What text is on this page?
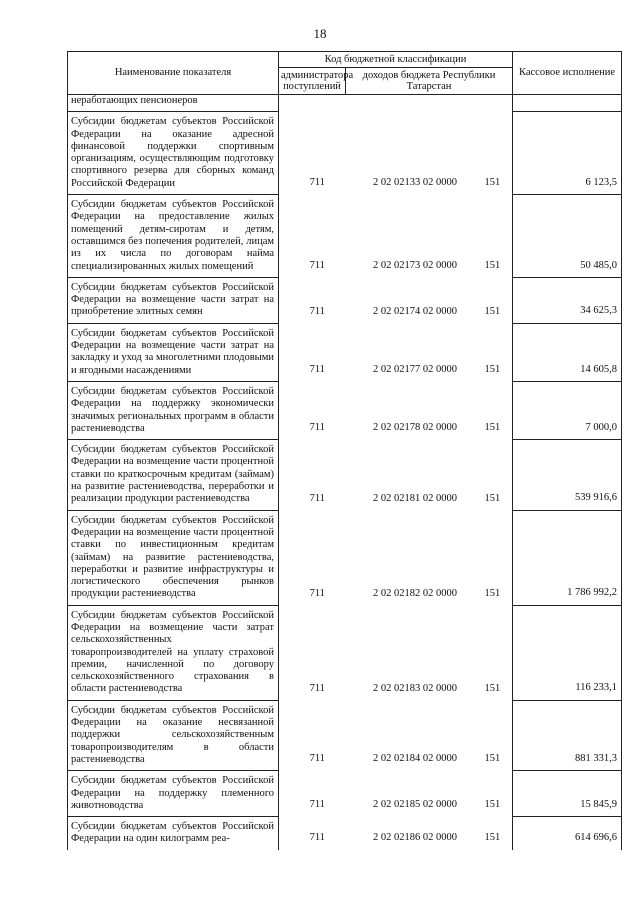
18
Наименование показателя	Код бюджетной классификации			Кассовое исполнение
	администратора поступлений	доходов бюджета Республики Татарстан		
неработающих пенсионеров				
Субсидии бюджетам субъектов Российской Федерации на оказание адресной финансовой поддержки спортивным организациям, осуществляющим подготовку спортивного резерва для сборных команд Российской Федерации	711	2 02 02133 02 0000	151	6 123,5
Субсидии бюджетам субъектов Российской Федерации на предоставление жилых помещений детям-сиротам и детям, оставшимся без попечения родителей, лицам из их числа по договорам найма специализированных жилых помещений	711	2 02 02173 02 0000	151	50 485,0
Субсидии бюджетам субъектов Российской Федерации на возмещение части затрат на приобретение элитных семян	711	2 02 02174 02 0000	151	34 625,3
Субсидии бюджетам субъектов Российской Федерации на возмещение части затрат на закладку и уход за многолетними плодовыми и ягодными насаждениями	711	2 02 02177 02 0000	151	14 605,8
Субсидии бюджетам субъектов Российской Федерации на поддержку экономически значимых региональных программ в области растениеводства	711	2 02 02178 02 0000	151	7 000,0
Субсидии бюджетам субъектов Российской Федерации на возмещение части процентной ставки по краткосрочным кредитам (займам) на развитие растениеводства, переработки и реализации продукции растениеводства	711	2 02 02181 02 0000	151	539 916,6
Субсидии бюджетам субъектов Российской Федерации на возмещение части процентной ставки по инвестиционным кредитам (займам) на развитие растениеводства, переработки и развитие инфраструктуры и логистического обеспечения рынков продукции растениеводства	711	2 02 02182 02 0000	151	1 786 992,2
Субсидии бюджетам субъектов Российской Федерации на возмещение части затрат сельскохозяйственных товаропроизводителей на уплату страховой премии, начисленной по договору сельскохозяйственного страхования в области растениеводства	711	2 02 02183 02 0000	151	116 233,1
Субсидии бюджетам субъектов Российской Федерации на оказание несвязанной поддержки сельскохозяйственным товаропроизводителям в области растениеводства	711	2 02 02184 02 0000	151	881 331,3
Субсидии бюджетам субъектов Российской Федерации на поддержку племенного животноводства	711	2 02 02185 02 0000	151	15 845,9
Субсидии бюджетам субъектов Российской Федерации на один килограмм реа-	711	2 02 02186 02 0000	151	614 696,6
